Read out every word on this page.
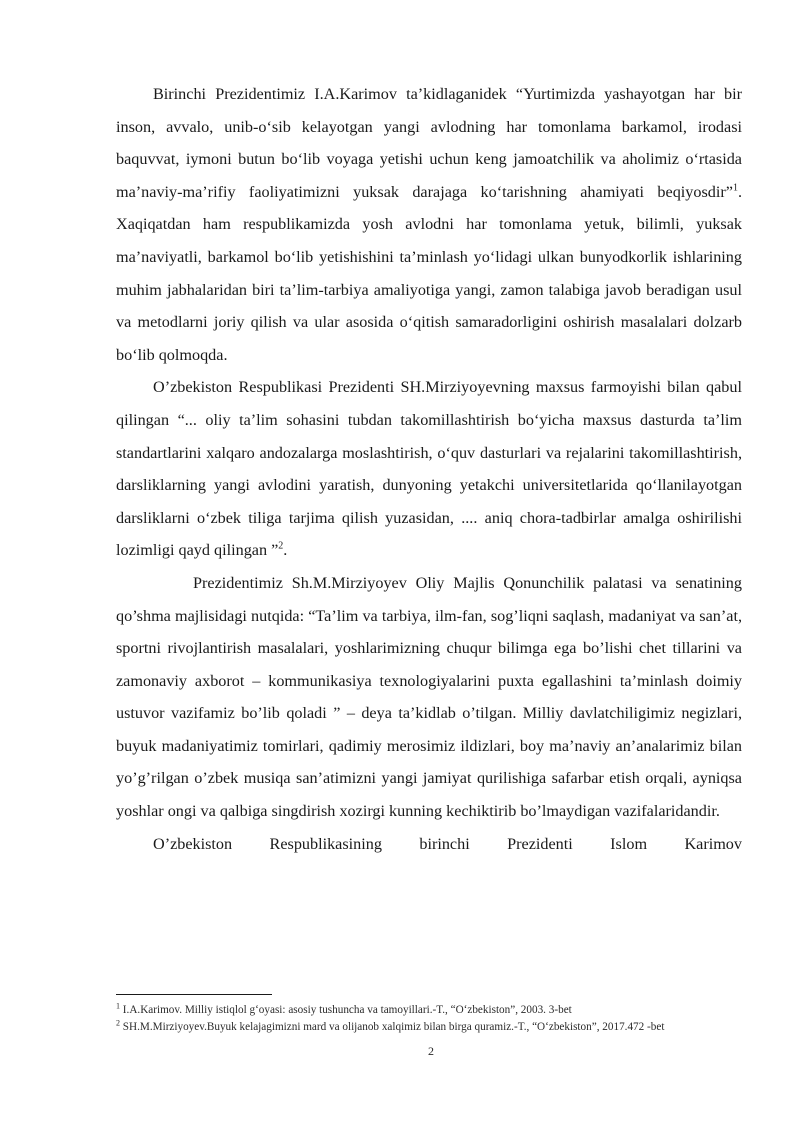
Birinchi Prezidentimiz I.A.Karimov ta’kidlaganidek “Yurtimizda yashayotgan har bir inson, avvalo, unib-o‘sib kelayotgan yangi avlodning har tomonlama barkamol, irodasi baquvvat, iymoni butun bo‘lib voyaga yetishi uchun keng jamoatchilik va aholimiz o‘rtasida ma’naviy-ma’rifiy faoliyatimizni yuksak darajaga ko‘tarishning ahamiyati beqiyosdir”$^1$. Xaqiqatdan ham respublikamizda yosh avlodni har tomonlama yetuk, bilimli, yuksak ma’naviyatli, barkamol bo‘lib yetishishini ta’minlash yo‘lidagi ulkan bunyodkorlik ishlarining muhim jabhalaridan biri ta’lim-tarbiya amaliyotiga yangi, zamon talabiga javob beradigan usul va metodlarni joriy qilish va ular asosida o‘qitish samaradorligini oshirish masalalari dolzarb bo‘lib qolmoqda.

O’zbekiston Respublikasi Prezidenti SH.Mirziyoyevning maxsus farmoyishi bilan qabul qilingan “... oliy ta’lim sohasini tubdan takomillashtirish bo‘yicha maxsus dasturda ta’lim standartlarini xalqaro andozalarga moslashtirish, o‘quv dasturlari va rejalarini takomillashtirish, darsliklarning yangi avlodini yaratish, dunyoning yetakchi universitetlarida qo‘llanilayotgan darsliklarni o‘zbek tiliga tarjima qilish yuzasidan, .... aniq chora-tadbirlar amalga oshirilishi lozimligi qayd qilingan ”$^2$.

Prezidentimiz Sh.M.Mirziyoyev Oliy Majlis Qonunchilik palatasi va senatining qo’shma majlisidagi nutqida: “Ta’lim va tarbiya, ilm-fan, sog’liqni saqlash, madaniyat va san’at, sportni rivojlantirish masalalari, yoshlarimizning chuqur bilimga ega bo’lishi chet tillarini va zamonaviy axborot – kommunikasiya texnologiyalarini puxta egallashini ta’minlash doimiy ustuvor vazifamiz bo’lib qoladi ” – deya ta’kidlab o’tilgan. Milliy davlatchiligimiz negizlari, buyuk madaniyatimiz tomirlari, qadimiy merosimiz ildizlari, boy ma’naviy an’analarimiz bilan yo’g’rilgan o’zbek musiqa san’atimizni yangi jamiyat qurilishiga safarbar etish orqali, ayniqsa yoshlar ongi va qalbiga singdirish xozirgi kunning kechiktirib bo’lmaydigan vazifalaridandir.

O’zbekiston Respublikasining birinchi Prezidenti Islom Karimov

$^1$ I.A.Karimov. Milliy istiqlol g‘oyasi: asosiy tushuncha va tamoyillari.-T., “O‘zbekiston”, 2003. 3-bet

$^2$ SH.M.Mirziyoyev.Buyuk kelajagimizni mard va olijanob xalqimiz bilan birga quramiz.-T., “O‘zbekiston”, 2017.472 -bet

2
